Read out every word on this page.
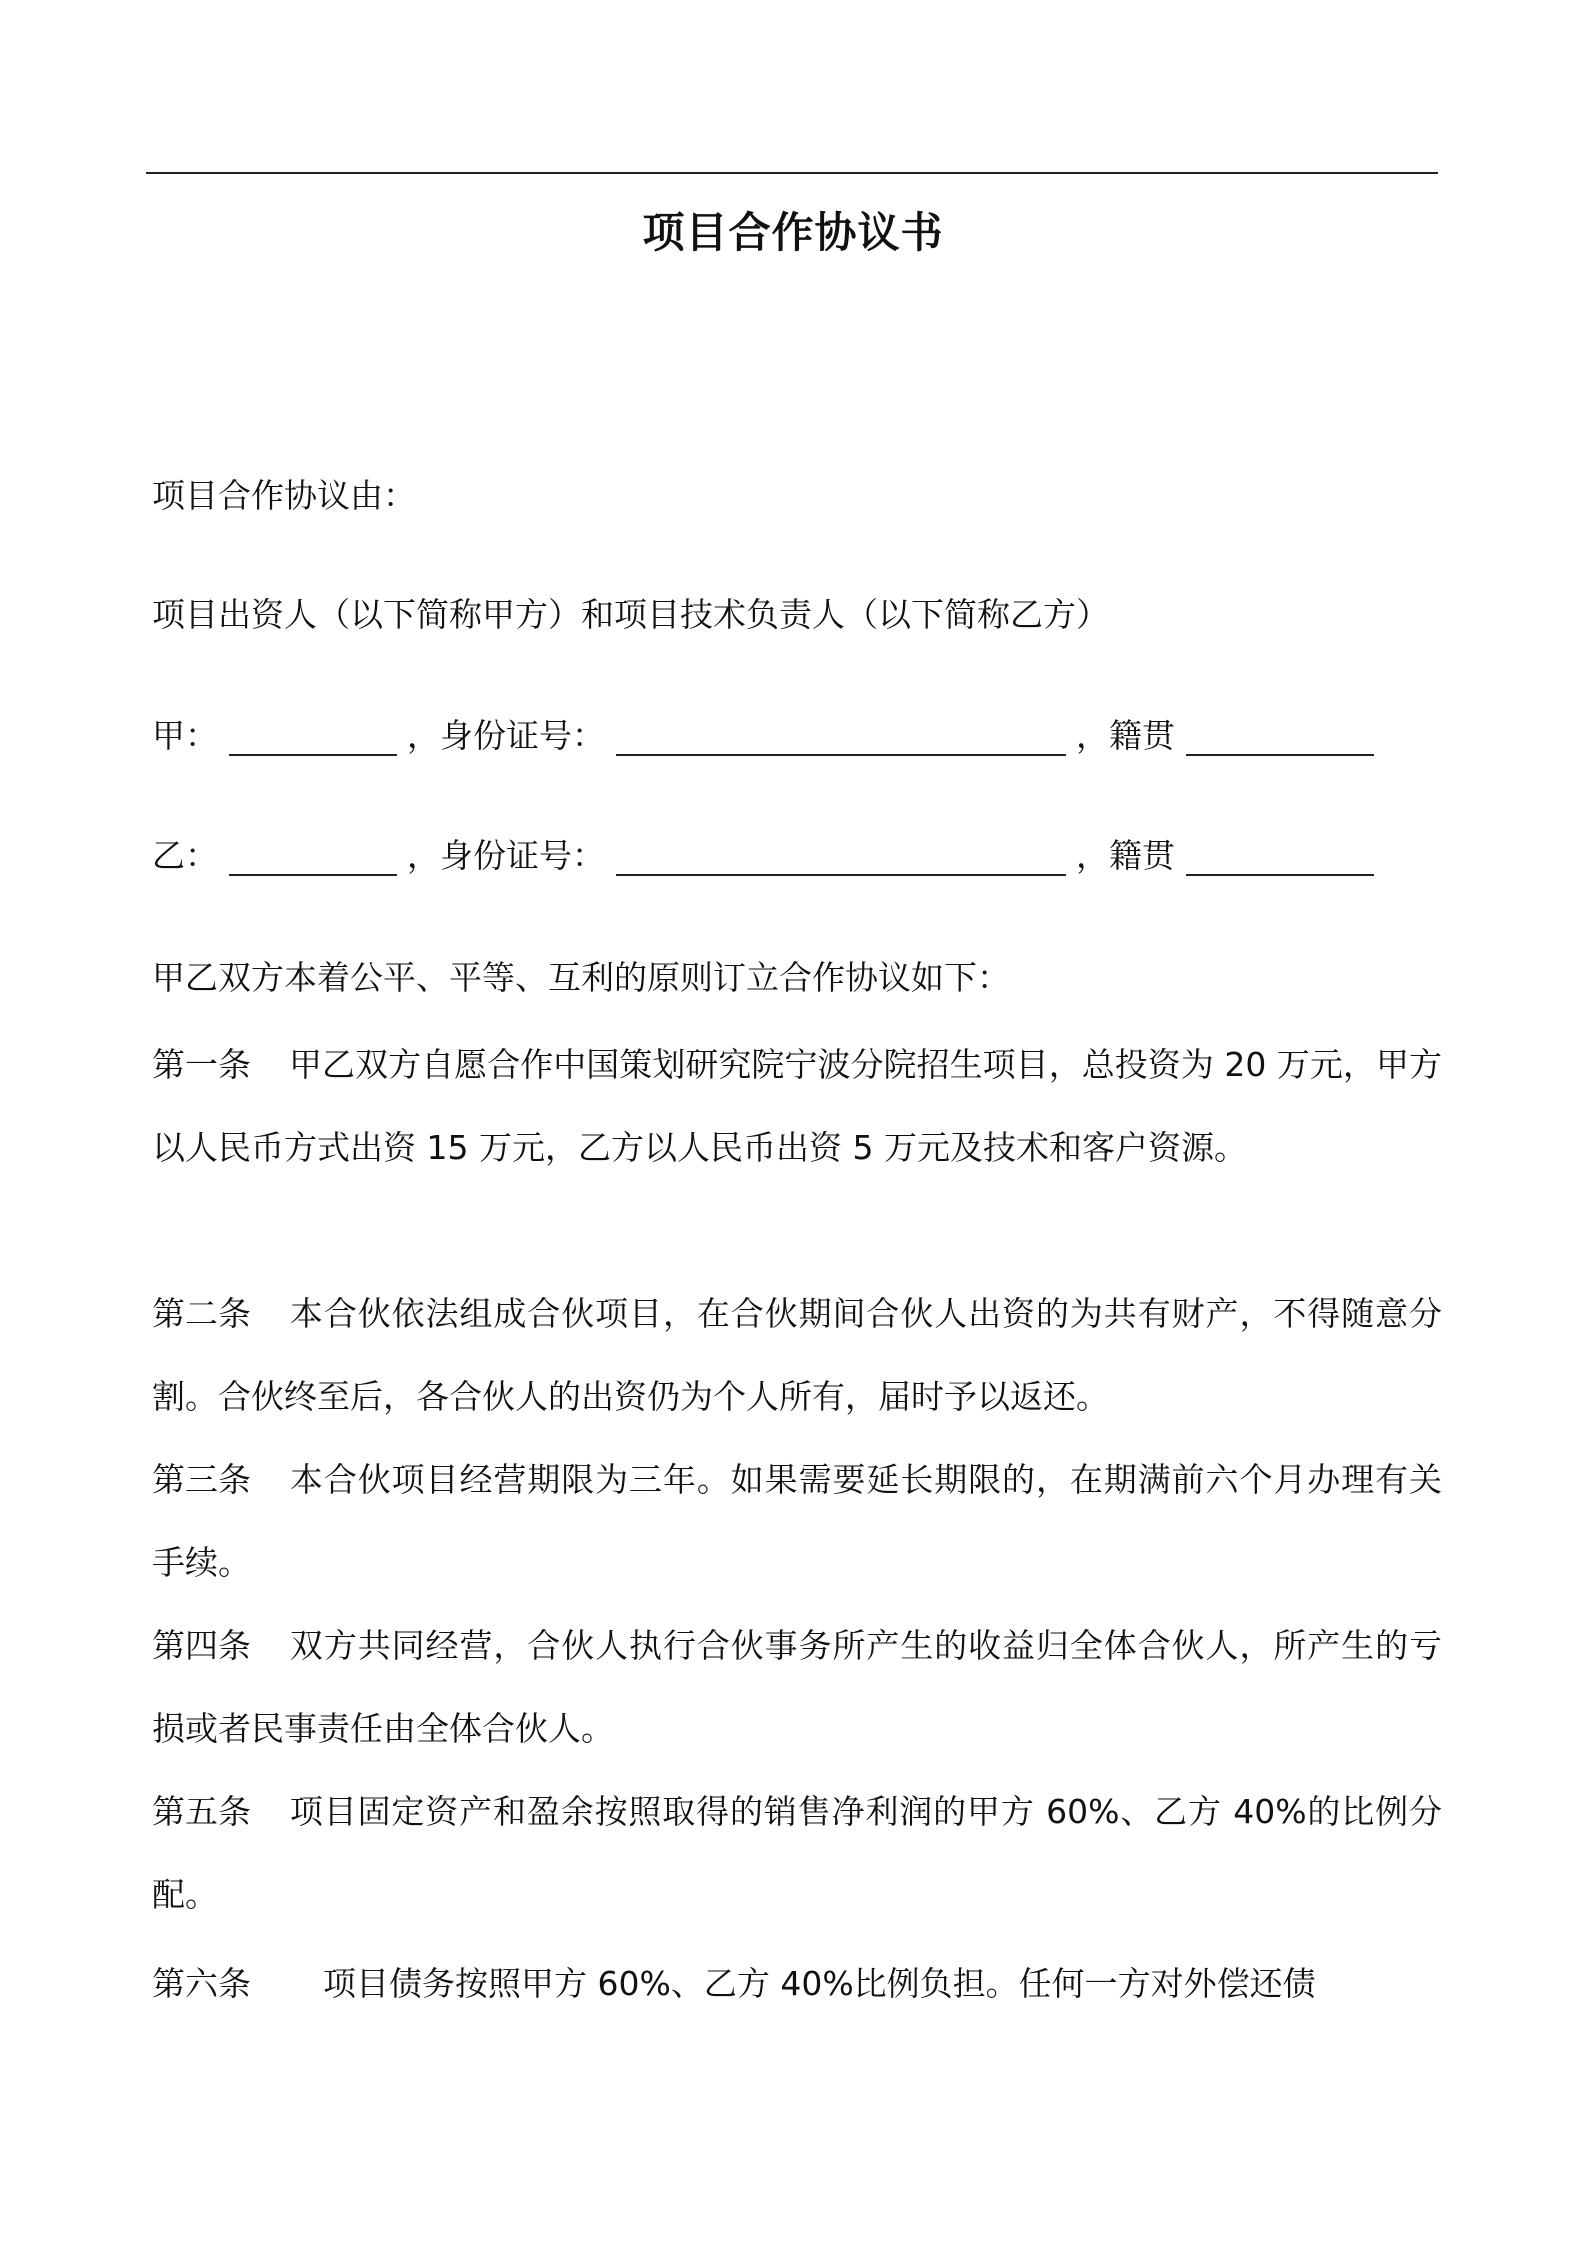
项目合作协议书
项目合作协议由：
项目出资人（以下简称甲方）和项目技术负责人（以下简称乙方）
甲：	，身份证号：	，籍贯
乙：	，身份证号：	，籍贯
甲乙双方本着公平、平等、互利的原则订立合作协议如下：
第一条 甲乙双方自愿合作中国策划研究院宁波分院招生项目，总投资为 20 万元，甲方以人民币方式出资 15 万元，乙方以人民币出资 5 万元及技术和客户资源。
第二条 本合伙依法组成合伙项目，在合伙期间合伙人出资的为共有财产，不得随意分割。合伙终至后，各合伙人的出资仍为个人所有，届时予以返还。
第三条 本合伙项目经营期限为三年。如果需要延长期限的，在期满前六个月办理有关手续。
第四条 双方共同经营，合伙人执行合伙事务所产生的收益归全体合伙人，所产生的亏损或者民事责任由全体合伙人。
第五条 项目固定资产和盈余按照取得的销售净利润的甲方 60%、乙方 40%的比例分配。
第六条 项目债务按照甲方 60%、乙方 40%比例负担。任何一方对外偿还债
